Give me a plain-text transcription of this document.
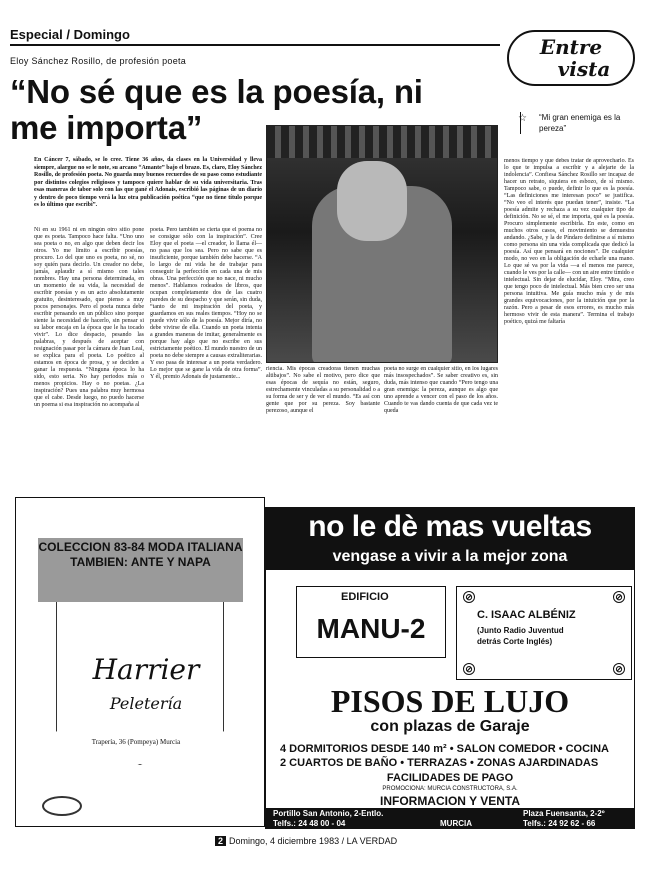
Especial / Domingo
Entre
vista
Eloy Sánchez Rosillo, de profesión poeta
“No sé que es la poesía, ni
me importa”	☆	“Mi gran enemiga es la pereza”
En Cáncer 7, sábado, se lo cree. Tiene 36 años, da clases en la Universidad y lleva siempre, alargue no se le note, su arcano “Amante” bajo el brazo. Es, claro, Eloy Sánchez Rosillo, de profesión poeta. No guarda muy buenos recuerdos de su paso como estudiante por distintos colegios religiosos y tampoco quiere hablar de su vida universitaria. Tras esas maneras de tabor solo con las que gané el Adonais, escribió las páginas de un diario y dentro de poco tiempo verá la luz otra publicación poética “que no tiene título porque es lo último que escribí”.
Ni en su 1961 ni en ningún otro sitio pone que es poeta. Tampoco hace falta. “Uno uno sea poeta o no, en algo que deben decir los otros. Yo me limito a escribir poesías, procuro. Lo del que uno es poeta, no sé, no soy quién para decirlo. Un creador no debe, jamás, aplaudir a sí mismo con tales nombres. Hay una persona determinada, en un momento de su vida, la necesidad de escribir poesías y es un acto absolutamente gratuito, desinteresado, que pienso a muy pocos personajes. Pero el poeta nunca debe escribir pensando en un público sino porque siente la necesidad de hacerlo, sin pensar si su labor encaja en la época que le ha tocado vivir”. Lo dice despacio, pesando las palabras, y después de aceptar con resignación pasar por la cámara de Juan Leal, se explica para el poeta. Lo poético al estamos en época de prosa, y se deciden a ganar la respuesta. “Ninguna época lo ha sido, esto seria. No hay periodos más o menos propicios. Hay o no poetas. ¿La inspiración? Pues una palabra muy hermosa que el cabe. Desde luego, no puedo hacerse un poema si esa inspiración no acompaña al
poeta. Pero también se cierta que el poema no se consigue sólo con la inspiración”. Cree Eloy que el poeta —el creador, lo llama él— no pasa que los sea. Pero no sabe que es insuficiente, porque también debe hacerse. “A lo largo de mi vida he de trabajar para conseguir la perfección en cada una de mis obras. Una perfección que no nace, ni mucho menos”. Hablamos rodeados de libros, que ocupan completamente dos de las cuatro paredes de su despacho y que serán, sin duda, “tanto de mi inspiración del poeta, y guardamos en sus reales tiempos. “Hoy no se puede vivir sólo de la poesía. Mejor diría, no debe vivirse de ella. Cuando un poeta intenta a grandes maneras de imitar, generalmente es porque hay algo que no escribe en sus estrictamente poético. El mundo nuestro de un poeta no debe siempre a causas extraliterarias. Y eso pasa de interesar a un poeta verdadero. Lo mejor que se gane la vida de otra forma”. Y él, premio Adonais de justamente...
riencia. Mis épocas creadoras tienen muchas altibajos”. No sabe el motivo, pero dice que esas épocas de sequía no están, seguro, estrechamente vinculadas a su personalidad o a su forma de ser y de ver el mundo. “Es así con gente que por su pereza. Soy bastante perezoso, aunque el
poeta no surge en cualquier sitio, en los lugares más insospechados”. Se saber creativo es, sin duda, más intenso que cuando “Pero tengo una gran enemiga: la pereza, aunque es algo que uno aprende a vencer con el paso de los años. Cuando te vas dando cuenta de que cada vez te queda
menos tiempo y que debes tratar de aprovecharlo. Es lo que te impulsa a escribir y a alejarte de la indolencia”. Confiesa Sánchez Rosillo ser incapaz de hacer un retrato, siquiera en esbozo, de sí mismo. Tampoco sabe, o puede, definir lo que es la poesía. “Las definiciones me interesan poco” se justifica. “No veo el interés que puedan tener”, insiste. “La poesía admite y rechaza a su vez cualquier tipo de definición. No se sé, el me importa, qué es la poesía. Procuro simplemente escribirla. En este, como en muchos otros casos, el movimiento se demuestra andando. ¿Sabe, y la de Píndaro definirse a sí mismo como persona sin una vida complicada que dedicó la poesía. Así que pensará en nociones”. De cualquier modo, no veo en la obligación de echarle una mano. Lo que sé va por la vida —a el menos me parece, cuando le ves por la calle— con un aire entre tímido e intelectual. Sin dejar de elucidar, Eloy. “Mira, creo que tengo poco de intelectual. Más bien creo ser una persona intuitiva. Me guía mucho más y de mis grandes equivocaciones, por la intuición que por la razón. Pero a pesar de esos errores, es mucho más hermoso vivir de esta manera”. Termina el trabajo poético, quizá me faltaría
COLECCION 83-84 MODA ITALIANA TAMBIEN: ANTE Y NAPA
Harrier
Peletería
Trapería, 36 (Pompeya) Murcia
no le dè mas vueltas
vengase a vivir a la mejor zona
EDIFICIO
MANU-2
⊘	⊘
⊘	⊘
C. ISAAC ALBÉNIZ
(Junto Radio Juventud
detrás Corte Inglés)
PISOS DE LUJO
con plazas de Garaje
4 DORMITORIOS DESDE 140 m² • SALON COMEDOR • COCINA
2 CUARTOS DE BAÑO • TERRAZAS • ZONAS AJARDINADAS
FACILIDADES DE PAGO
PROMOCIONA: MURCIA CONSTRUCTORA, S.A.
INFORMACION Y VENTA
Portillo San Antonio, 2-Entlo.
Telfs.: 24 48 00 - 04	MURCIA
Plaza Fuensanta, 2-2º
Telfs.: 24 92 62 - 66
2 Domingo, 4 diciembre 1983 / LA VERDAD
